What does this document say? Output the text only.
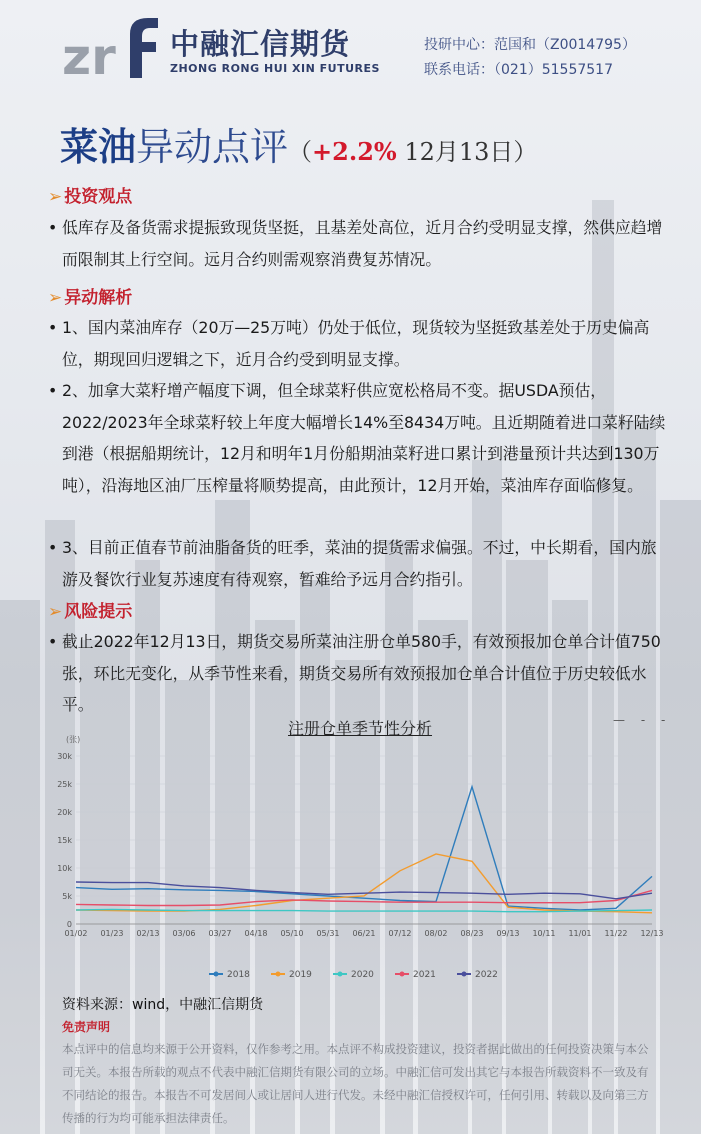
zr 中融汇信期货
ZHONG RONG HUI XIN FUTURES
投研中心：范国和（Z0014795）
联系电话：（021）51557517
菜油异动点评（+2.2% 12月13日）
➢ 投资观点
• 低库存及备货需求提振致现货坚挺，且基差处高位，近月合约受明显支撑，然供应趋增而限制其上行空间。远月合约则需观察消费复苏情况。
➢ 异动解析
• 1、国内菜油库存（20万—25万吨）仍处于低位，现货较为坚挺致基差处于历史偏高位，期现回归逻辑之下，近月合约受到明显支撑。
• 2、加拿大菜籽增产幅度下调，但全球菜籽供应宽松格局不变。据USDA预估，2022/2023年全球菜籽较上年度大幅增长14%至8434万吨。且近期随着进口菜籽陆续到港（根据船期统计，12月和明年1月份船期油菜籽进口累计到港量预计共达到130万吨），沿海地区油厂压榨量将顺势提高，由此预计，12月开始，菜油库存面临修复。
• 3、目前正值春节前油脂备货的旺季，菜油的提货需求偏强。不过，中长期看，国内旅游及餐饮行业复苏速度有待观察，暂难给予远月合约指引。
➢ 风险提示
• 截止2022年12月13日，期货交易所菜油注册仓单580手，有效预报加仓单合计值750张，环比无变化，从季节性来看，期货交易所有效预报加仓单合计值位于历史较低水平。
— - -
注册仓单季节性分析
(张)
0
5k
10k
15k
20k
25k
30k
01/02 01/23 02/13 03/06 03/27 04/18 05/10 05/31 06/21 07/12 08/02 08/23 09/13 10/11 11/01 11/22 12/13
2018	2019	2020	2021	2022
资料来源：wind，中融汇信期货
免责声明
本点评中的信息均来源于公开资料，仅作参考之用。本点评不构成投资建议，投资者据此做出的任何投资决策与本公司无关。本报告所载的观点不代表中融汇信期货有限公司的立场。中融汇信可发出其它与本报告所载资料不一致及有不同结论的报告。本报告不可发居间人或让居间人进行代发。未经中融汇信授权许可，任何引用、转载以及向第三方传播的行为均可能承担法律责任。
